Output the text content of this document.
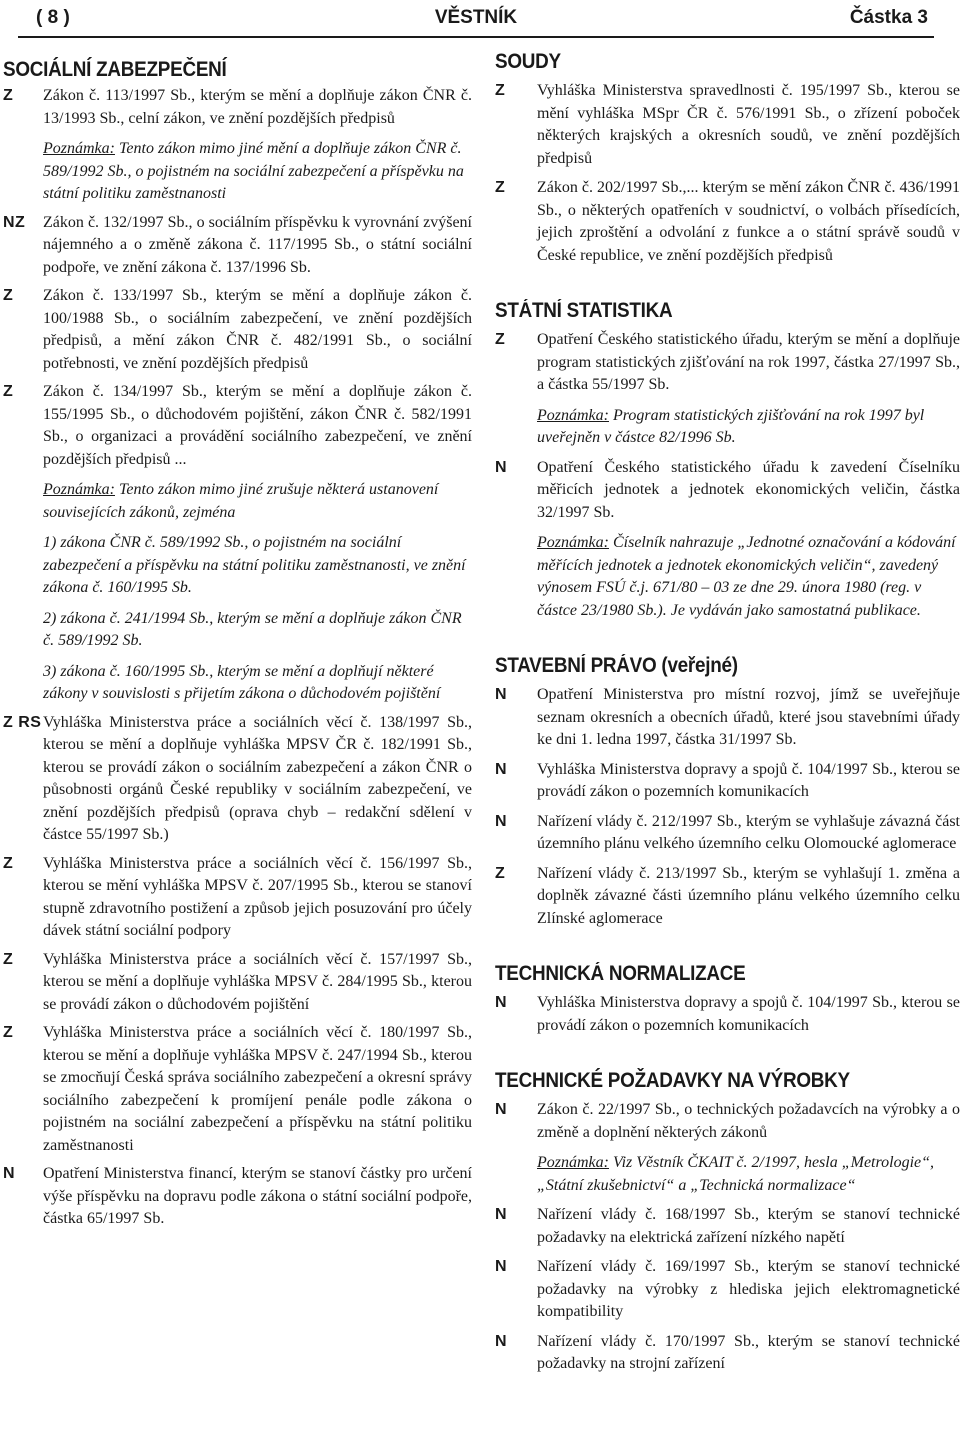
( 8 )	VĚSTNÍK	Částka 3
SOCIÁLNÍ ZABEZPEČENÍ
Z Zákon č. 113/1997 Sb., kterým se mění a doplňuje zákon ČNR č. 13/1993 Sb., celní zákon, ve znění pozdějších předpisů

Poznámka: Tento zákon mimo jiné mění a doplňuje zákon ČNR č. 589/1992 Sb., o pojistném na sociální zabezpečení a příspěvku na státní politiku zaměstnanosti

NZ Zákon č. 132/1997 Sb., o sociálním příspěvku k vyrovnání zvýšení nájemného a o změně zákona č. 117/1995 Sb., o státní sociální podpoře, ve znění zákona č. 137/1996 Sb.

Z Zákon č. 133/1997 Sb., kterým se mění a doplňuje zákon č. 100/1988 Sb., o sociálním zabezpečení, ve znění pozdějších předpisů, a mění zákon ČNR č. 482/1991 Sb., o sociální potřebnosti, ve znění pozdějších předpisů

Z Zákon č. 134/1997 Sb., kterým se mění a doplňuje zákon č. 155/1995 Sb., o důchodovém pojištění, zákon ČNR č. 582/1991 Sb., o organizaci a provádění sociálního zabezpečení, ve znění pozdějších předpisů ...

Poznámka: Tento zákon mimo jiné zrušuje některá ustanovení souvisejících zákonů, zejména

1) zákona ČNR č. 589/1992 Sb., o pojistném na sociální zabezpečení a příspěvku na státní politiku zaměstnanosti, ve znění zákona č. 160/1995 Sb.

2) zákona č. 241/1994 Sb., kterým se mění a doplňuje zákon ČNR č. 589/1992 Sb.

3) zákona č. 160/1995 Sb., kterým se mění a doplňují některé zákony v souvislosti s přijetím zákona o důchodovém pojištění

Z RS Vyhláška Ministerstva práce a sociálních věcí č. 138/1997 Sb., kterou se mění a doplňuje vyhláška MPSV ČR č. 182/1991 Sb., kterou se provádí zákon o sociálním zabezpečení a zákon ČNR o působnosti orgánů České republiky v sociálním zabezpečení, ve znění pozdějších předpisů (oprava chyb – redakční sdělení v částce 55/1997 Sb.)

Z Vyhláška Ministerstva práce a sociálních věcí č. 156/1997 Sb., kterou se mění vyhláška MPSV č. 207/1995 Sb., kterou se stanoví stupně zdravotního postižení a způsob jejich posuzování pro účely dávek státní sociální podpory

Z Vyhláška Ministerstva práce a sociálních věcí č. 157/1997 Sb., kterou se mění a doplňuje vyhláška MPSV č. 284/1995 Sb., kterou se provádí zákon o důchodovém pojištění

Z Vyhláška Ministerstva práce a sociálních věcí č. 180/1997 Sb., kterou se mění a doplňuje vyhláška MPSV č. 247/1994 Sb., kterou se zmocňují Česká správa sociálního zabezpečení a okresní správy sociálního zabezpečení k promíjení penále podle zákona o pojistném na sociální zabezpečení a příspěvku na státní politiku zaměstnanosti

N Opatření Ministerstva financí, kterým se stanoví částky pro určení výše příspěvku na dopravu podle zákona o státní sociální podpoře, částka 65/1997 Sb.

SOUDY
Z Vyhláška Ministerstva spravedlnosti č. 195/1997 Sb., kterou se mění vyhláška MSpr ČR č. 576/1991 Sb., o zřízení poboček některých krajských a okresních soudů, ve znění pozdějších předpisů

Z Zákon č. 202/1997 Sb.,... kterým se mění zákon ČNR č. 436/1991 Sb., o některých opatřeních v soudnictví, o volbách přísedících, jejich zproštění a odvolání z funkce a o státní správě soudů v České republice, ve znění pozdějších předpisů

STÁTNÍ STATISTIKA
Z Opatření Českého statistického úřadu, kterým se mění a doplňuje program statistických zjišťování na rok 1997, částka 27/1997 Sb., a částka 55/1997 Sb.

Poznámka: Program statistických zjišťování na rok 1997 byl uveřejněn v částce 82/1996 Sb.

N Opatření Českého statistického úřadu k zavedení Číselníku měřicích jednotek a jednotek ekonomických veličin, částka 32/1997 Sb.

Poznámka: Číselník nahrazuje „Jednotné označování a kódování měřících jednotek a jednotek ekonomických veličin“, zavedený výnosem FSÚ č.j. 671/80 – 03 ze dne 29. února 1980 (reg. v částce 23/1980 Sb.). Je vydáván jako samostatná publikace.

STAVEBNÍ PRÁVO (veřejné)
N Opatření Ministerstva pro místní rozvoj, jímž se uveřejňuje seznam okresních a obecních úřadů, které jsou stavebními úřady ke dni 1. ledna 1997, částka 31/1997 Sb.

N Vyhláška Ministerstva dopravy a spojů č. 104/1997 Sb., kterou se provádí zákon o pozemních komunikacích

N Nařízení vlády č. 212/1997 Sb., kterým se vyhlašuje závazná část územního plánu velkého územního celku Olomoucké aglomerace

Z Nařízení vlády č. 213/1997 Sb., kterým se vyhlašují 1. změna a doplněk závazné části územního plánu velkého územního celku Zlínské aglomerace

TECHNICKÁ NORMALIZACE
N Vyhláška Ministerstva dopravy a spojů č. 104/1997 Sb., kterou se provádí zákon o pozemních komunikacích

TECHNICKÉ POŽADAVKY NA VÝROBKY
N Zákon č. 22/1997 Sb., o technických požadavcích na výrobky a o změně a doplnění některých zákonů

Poznámka: Viz Věstník ČKAIT č. 2/1997, hesla „Metrologie“, „Státní zkušebnictví“ a „Technická normalizace“

N Nařízení vlády č. 168/1997 Sb., kterým se stanoví technické požadavky na elektrická zařízení nízkého napětí

N Nařízení vlády č. 169/1997 Sb., kterým se stanoví technické požadavky na výrobky z hlediska jejich elektromagnetické kompatibility

N Nařízení vlády č. 170/1997 Sb., kterým se stanoví technické požadavky na strojní zařízení
